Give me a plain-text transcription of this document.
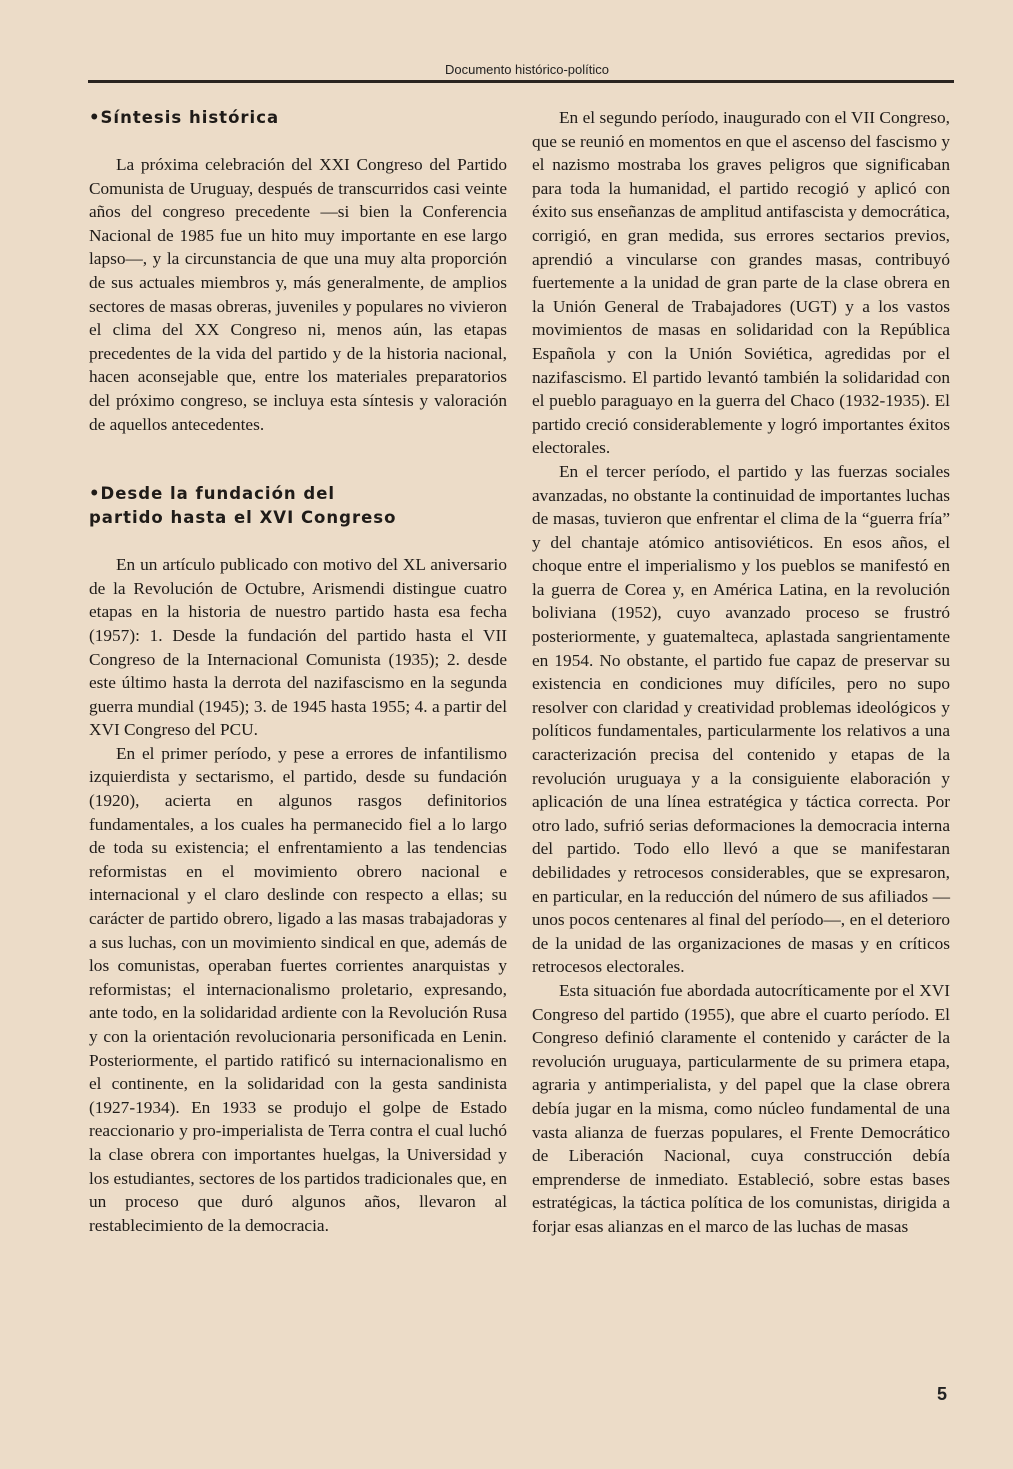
Documento histórico-político
•Síntesis histórica

La próxima celebración del XXI Congreso del Partido Comunista de Uruguay, después de transcurridos casi veinte años del congreso precedente —si bien la Conferencia Nacional de 1985 fue un hito muy importante en ese largo lapso—, y la circunstancia de que una muy alta proporción de sus actuales miembros y, más generalmente, de amplios sectores de masas obreras, juveniles y populares no vivieron el clima del XX Congreso ni, menos aún, las etapas precedentes de la vida del partido y de la historia nacional, hacen aconsejable que, entre los materiales preparatorios del próximo congreso, se incluya esta síntesis y valoración de aquellos antecedentes.

•Desde la fundación del
partido hasta el XVI Congreso

En un artículo publicado con motivo del XL aniversario de la Revolución de Octubre, Arismendi distingue cuatro etapas en la historia de nuestro partido hasta esa fecha (1957): 1. Desde la fundación del partido hasta el VII Congreso de la Internacional Comunista (1935); 2. desde este último hasta la derrota del nazifascismo en la segunda guerra mundial (1945); 3. de 1945 hasta 1955; 4. a partir del XVI Congreso del PCU.

En el primer período, y pese a errores de infantilismo izquierdista y sectarismo, el partido, desde su fundación (1920), acierta en algunos rasgos definitorios fundamentales, a los cuales ha permanecido fiel a lo largo de toda su existencia; el enfrentamiento a las tendencias reformistas en el movimiento obrero nacional e internacional y el claro deslinde con respecto a ellas; su carácter de partido obrero, ligado a las masas trabajadoras y a sus luchas, con un movimiento sindical en que, además de los comunistas, operaban fuertes corrientes anarquistas y reformistas; el internacionalismo proletario, expresando, ante todo, en la solidaridad ardiente con la Revolución Rusa y con la orientación revolucionaria personificada en Lenin. Posteriormente, el partido ratificó su internacionalismo en el continente, en la solidaridad con la gesta sandinista (1927-1934). En 1933 se produjo el golpe de Estado reaccionario y pro-imperialista de Terra contra el cual luchó la clase obrera con importantes huelgas, la Universidad y los estudiantes, sectores de los partidos tradicionales que, en un proceso que duró algunos años, llevaron al restablecimiento de la democracia.

En el segundo período, inaugurado con el VII Congreso, que se reunió en momentos en que el ascenso del fascismo y el nazismo mostraba los graves peligros que significaban para toda la humanidad, el partido recogió y aplicó con éxito sus enseñanzas de amplitud antifascista y democrática, corrigió, en gran medida, sus errores sectarios previos, aprendió a vincularse con grandes masas, contribuyó fuertemente a la unidad de gran parte de la clase obrera en la Unión General de Trabajadores (UGT) y a los vastos movimientos de masas en solidaridad con la República Española y con la Unión Soviética, agredidas por el nazifascismo. El partido levantó también la solidaridad con el pueblo paraguayo en la guerra del Chaco (1932-1935). El partido creció considerablemente y logró importantes éxitos electorales.

En el tercer período, el partido y las fuerzas sociales avanzadas, no obstante la continuidad de importantes luchas de masas, tuvieron que enfrentar el clima de la “guerra fría” y del chantaje atómico antisoviéticos. En esos años, el choque entre el imperialismo y los pueblos se manifestó en la guerra de Corea y, en América Latina, en la revolución boliviana (1952), cuyo avanzado proceso se frustró posteriormente, y guatemalteca, aplastada sangrientamente en 1954. No obstante, el partido fue capaz de preservar su existencia en condiciones muy difíciles, pero no supo resolver con claridad y creatividad problemas ideológicos y políticos fundamentales, particularmente los relativos a una caracterización precisa del contenido y etapas de la revolución uruguaya y a la consiguiente elaboración y aplicación de una línea estratégica y táctica correcta. Por otro lado, sufrió serias deformaciones la democracia interna del partido. Todo ello llevó a que se manifestaran debilidades y retrocesos considerables, que se expresaron, en particular, en la reducción del número de sus afiliados —unos pocos centenares al final del período—, en el deterioro de la unidad de las organizaciones de masas y en críticos retrocesos electorales.

Esta situación fue abordada autocríticamente por el XVI Congreso del partido (1955), que abre el cuarto período. El Congreso definió claramente el contenido y carácter de la revolución uruguaya, particularmente de su primera etapa, agraria y antimperialista, y del papel que la clase obrera debía jugar en la misma, como núcleo fundamental de una vasta alianza de fuerzas populares, el Frente Democrático de Liberación Nacional, cuya construcción debía emprenderse de inmediato. Estableció, sobre estas bases estratégicas, la táctica política de los comunistas, dirigida a forjar esas alianzas en el marco de las luchas de masas

5
